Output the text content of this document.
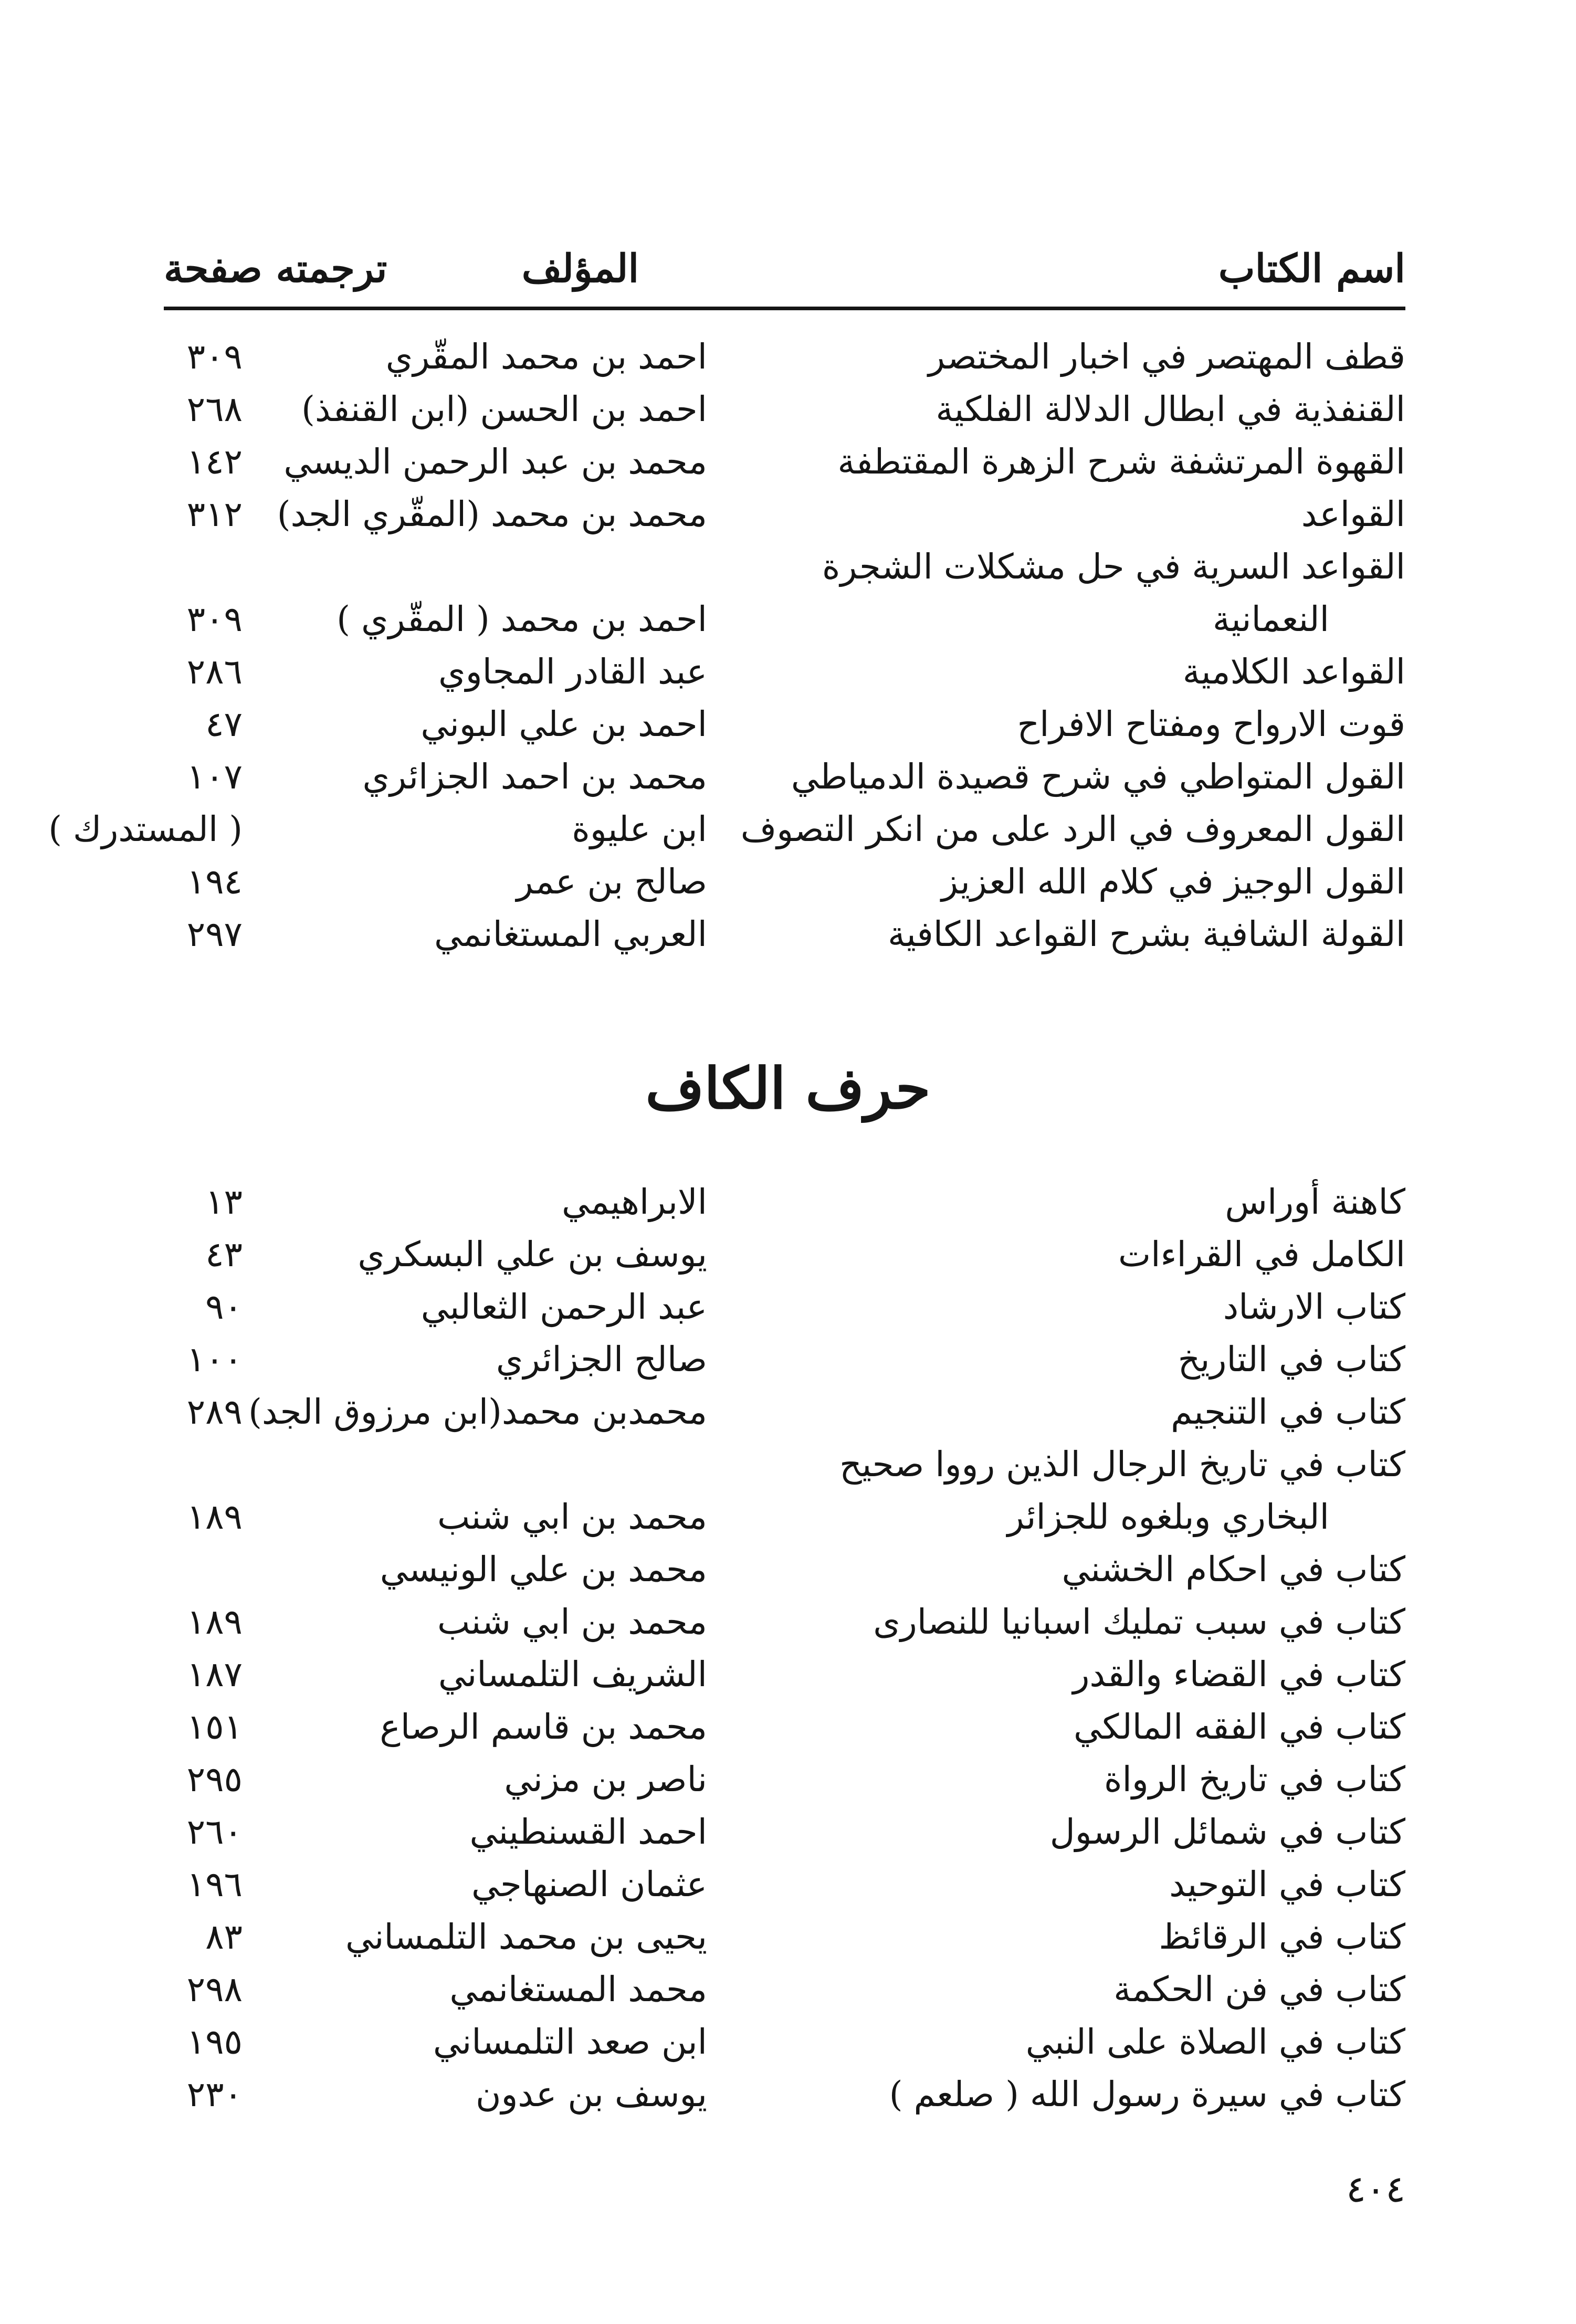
اسم الكتاب
المؤلف
ترجمته صفحة
قطف المهتصر في اخبار المختصر
احمد بن محمد المقّري
٣٠٩
القنفذية في ابطال الدلالة الفلكية
احمد بن الحسن (ابن القنفذ)
٢٦٨
القهوة المرتشفة شرح الزهرة المقتطفة
محمد بن عبد الرحمن الديسي
١٤٢
القواعد
محمد بن محمد (المقّري الجد)
٣١٢
القواعد السرية في حل مشكلات الشجرة
النعمانية
احمد بن محمد ( المقّري )
٣٠٩
القواعد الكلامية
عبد القادر المجاوي
٢٨٦
قوت الارواح ومفتاح الافراح
احمد بن علي البوني
٤٧
القول المتواطي في شرح قصيدة الدمياطي
محمد بن احمد الجزائري
١٠٧
القول المعروف في الرد على من انكر التصوف
ابن عليوة
( المستدرك )
القول الوجيز في كلام الله العزيز
صالح بن عمر
١٩٤
القولة الشافية بشرح القواعد الكافية
العربي المستغانمي
٢٩٧
حرف الكاف
كاهنة أوراس
الابراهيمي
١٣
الكامل في القراءات
يوسف بن علي البسكري
٤٣
كتاب الارشاد
عبد الرحمن الثعالبي
٩٠
كتاب في التاريخ
صالح الجزائري
١٠٠
كتاب في التنجيم
محمدبن محمد(ابن مرزوق الجد)
٢٨٩
كتاب في تاريخ الرجال الذين رووا صحيح
البخاري وبلغوه للجزائر
محمد بن ابي شنب
١٨٩
كتاب في احكام الخشني
محمد بن علي الونيسي
كتاب في سبب تمليك اسبانيا للنصارى
محمد بن ابي شنب
١٨٩
كتاب في القضاء والقدر
الشريف التلمساني
١٨٧
كتاب في الفقه المالكي
محمد بن قاسم الرصاع
١٥١
كتاب في تاريخ الرواة
ناصر بن مزني
٢٩٥
كتاب في شمائل الرسول
احمد القسنطيني
٢٦٠
كتاب في التوحيد
عثمان الصنهاجي
١٩٦
كتاب في الرقائظ
يحيى بن محمد التلمساني
٨٣
كتاب في فن الحكمة
محمد المستغانمي
٢٩٨
كتاب في الصلاة على النبي
ابن صعد التلمساني
١٩٥
كتاب في سيرة رسول الله ( صلعم )
يوسف بن عدون
٢٣٠
٤٠٤
